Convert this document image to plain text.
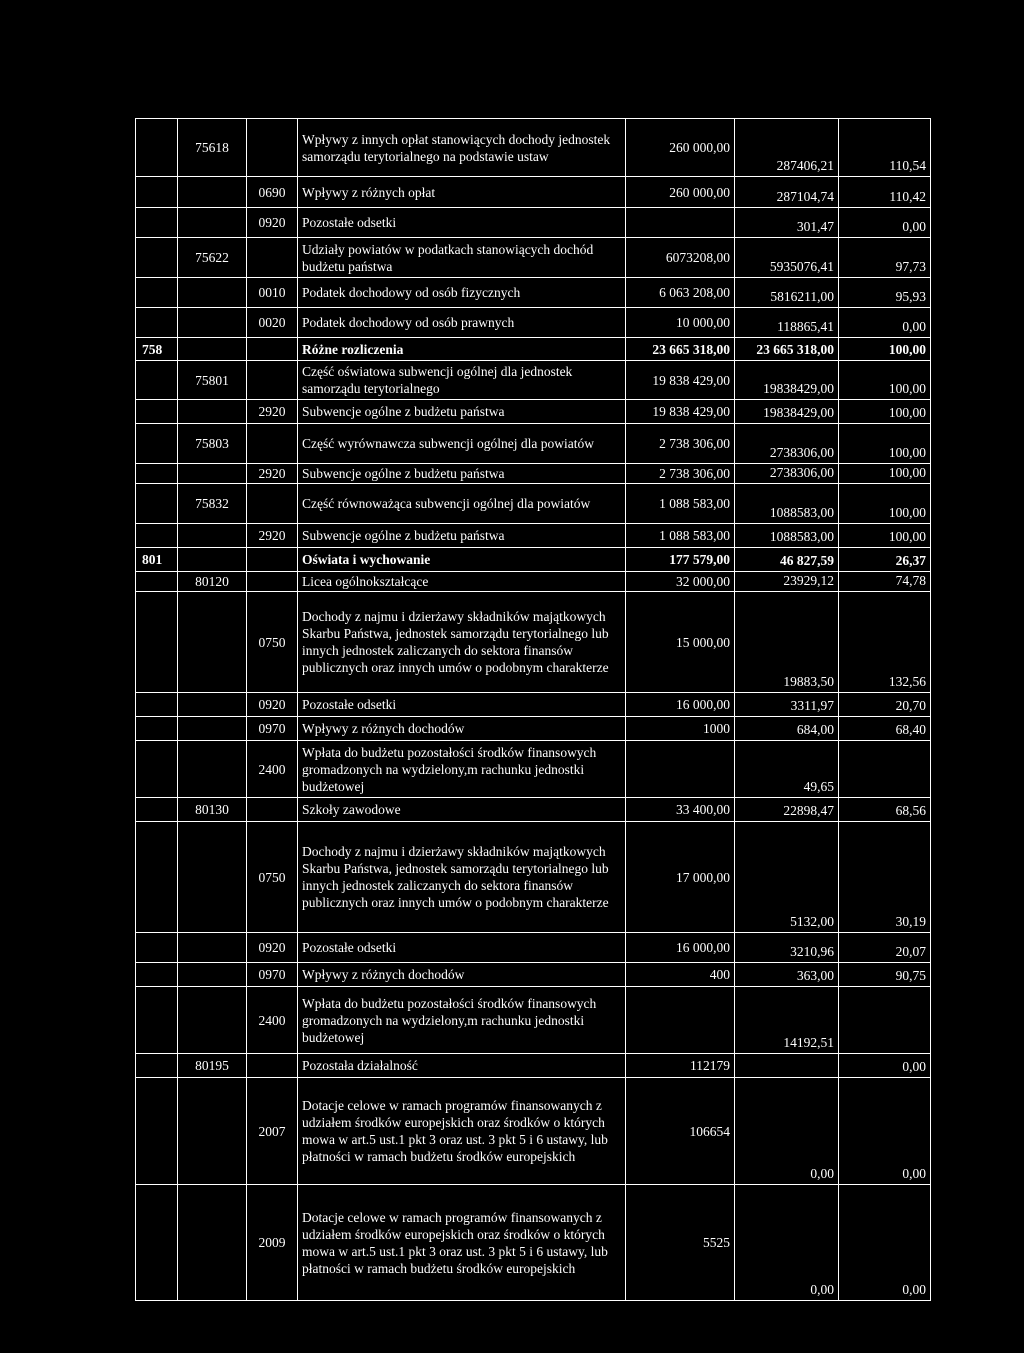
	75618		Wpływy z innych opłat stanowiących dochody jednostek samorządu terytorialnego na podstawie ustaw	260 000,00	287406,21	110,54
		0690	Wpływy z różnych opłat	260 000,00	287104,74	110,42
		0920	Pozostałe odsetki		301,47	0,00
	75622		Udziały powiatów w podatkach stanowiących dochód budżetu państwa	6073208,00	5935076,41	97,73
		0010	Podatek dochodowy od osób fizycznych	6 063 208,00	5816211,00	95,93
		0020	Podatek dochodowy od osób prawnych	10 000,00	118865,41	0,00
758			Różne rozliczenia	23 665 318,00	23 665 318,00	100,00
	75801		Część oświatowa subwencji ogólnej dla jednostek samorządu terytorialnego	19 838 429,00	19838429,00	100,00
		2920	Subwencje ogólne z budżetu państwa	19 838 429,00	19838429,00	100,00
	75803		Część wyrównawcza subwencji ogólnej dla powiatów	2 738 306,00	2738306,00	100,00
		2920	Subwencje ogólne z budżetu państwa	2 738 306,00	2738306,00	100,00
	75832		Część równoważąca subwencji ogólnej dla powiatów	1 088 583,00	1088583,00	100,00
		2920	Subwencje ogólne z budżetu państwa	1 088 583,00	1088583,00	100,00
801			Oświata i wychowanie	177 579,00	46 827,59	26,37
	80120		Licea ogólnokształcące	32 000,00	23929,12	74,78
		0750	Dochody z najmu i dzierżawy składników majątkowych Skarbu Państwa, jednostek samorządu terytorialnego lub innych jednostek zaliczanych do sektora finansów publicznych oraz innych umów o podobnym charakterze	15 000,00	19883,50	132,56
		0920	Pozostałe odsetki	16 000,00	3311,97	20,70
		0970	Wpływy z różnych dochodów	1000	684,00	68,40
		2400	Wpłata do budżetu pozostałości środków finansowych gromadzonych na wydzielony,m rachunku jednostki budżetowej		49,65	
	80130		Szkoły zawodowe	33 400,00	22898,47	68,56
		0750	Dochody z najmu i dzierżawy składników majątkowych Skarbu Państwa, jednostek samorządu terytorialnego lub innych jednostek zaliczanych do sektora finansów publicznych oraz innych umów o podobnym charakterze	17 000,00	5132,00	30,19
		0920	Pozostałe odsetki	16 000,00	3210,96	20,07
		0970	Wpływy z różnych dochodów	400	363,00	90,75
		2400	Wpłata do budżetu pozostałości środków finansowych gromadzonych na wydzielony,m rachunku jednostki budżetowej		14192,51	
	80195		Pozostała działalność	112179		0,00
		2007	Dotacje celowe w ramach programów finansowanych z udziałem środków europejskich oraz środków o których mowa w art.5 ust.1 pkt 3 oraz ust. 3 pkt 5 i 6 ustawy, lub płatności w ramach budżetu środków europejskich	106654	0,00	0,00
		2009	Dotacje celowe w ramach programów finansowanych z udziałem środków europejskich oraz środków o których mowa w art.5 ust.1 pkt 3 oraz ust. 3 pkt 5 i 6 ustawy, lub płatności w ramach budżetu środków europejskich	5525	0,00	0,00
